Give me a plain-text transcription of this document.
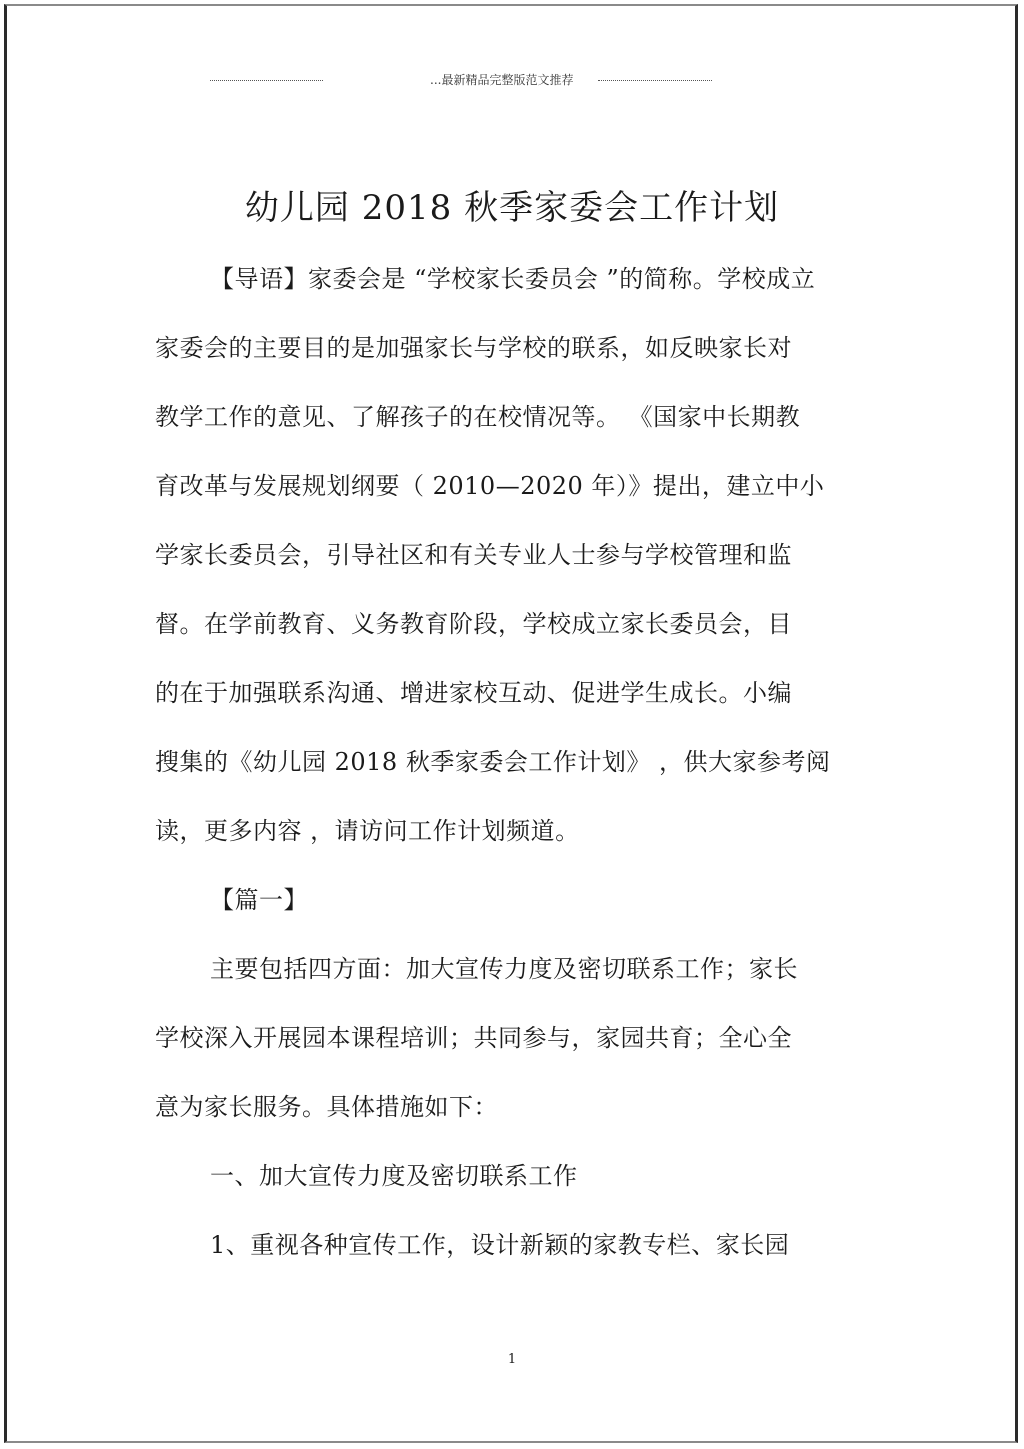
...最新精品完整版范文推荐
幼儿园 2018 秋季家委会工作计划
【导语】家委会是 “学校家长委员会 ”的简称。学校成立
家委会的主要目的是加强家长与学校的联系，如反映家长对
教学工作的意见、了解孩子的在校情况等。 《国家中长期教
育改革与发展规划纲要（ 2010—2020 年）》提出，建立中小
学家长委员会，引导社区和有关专业人士参与学校管理和监
督。在学前教育、义务教育阶段，学校成立家长委员会，目
的在于加强联系沟通、增进家校互动、促进学生成长。小编
搜集的《幼儿园 2018 秋季家委会工作计划》 ，供大家参考阅
读，更多内容 ，请访问工作计划频道。
【篇一】
主要包括四方面：加大宣传力度及密切联系工作；家长
学校深入开展园本课程培训；共同参与，家园共育；全心全
意为家长服务。具体措施如下：
一、加大宣传力度及密切联系工作
1、重视各种宣传工作，设计新颖的家教专栏、家长园
1
